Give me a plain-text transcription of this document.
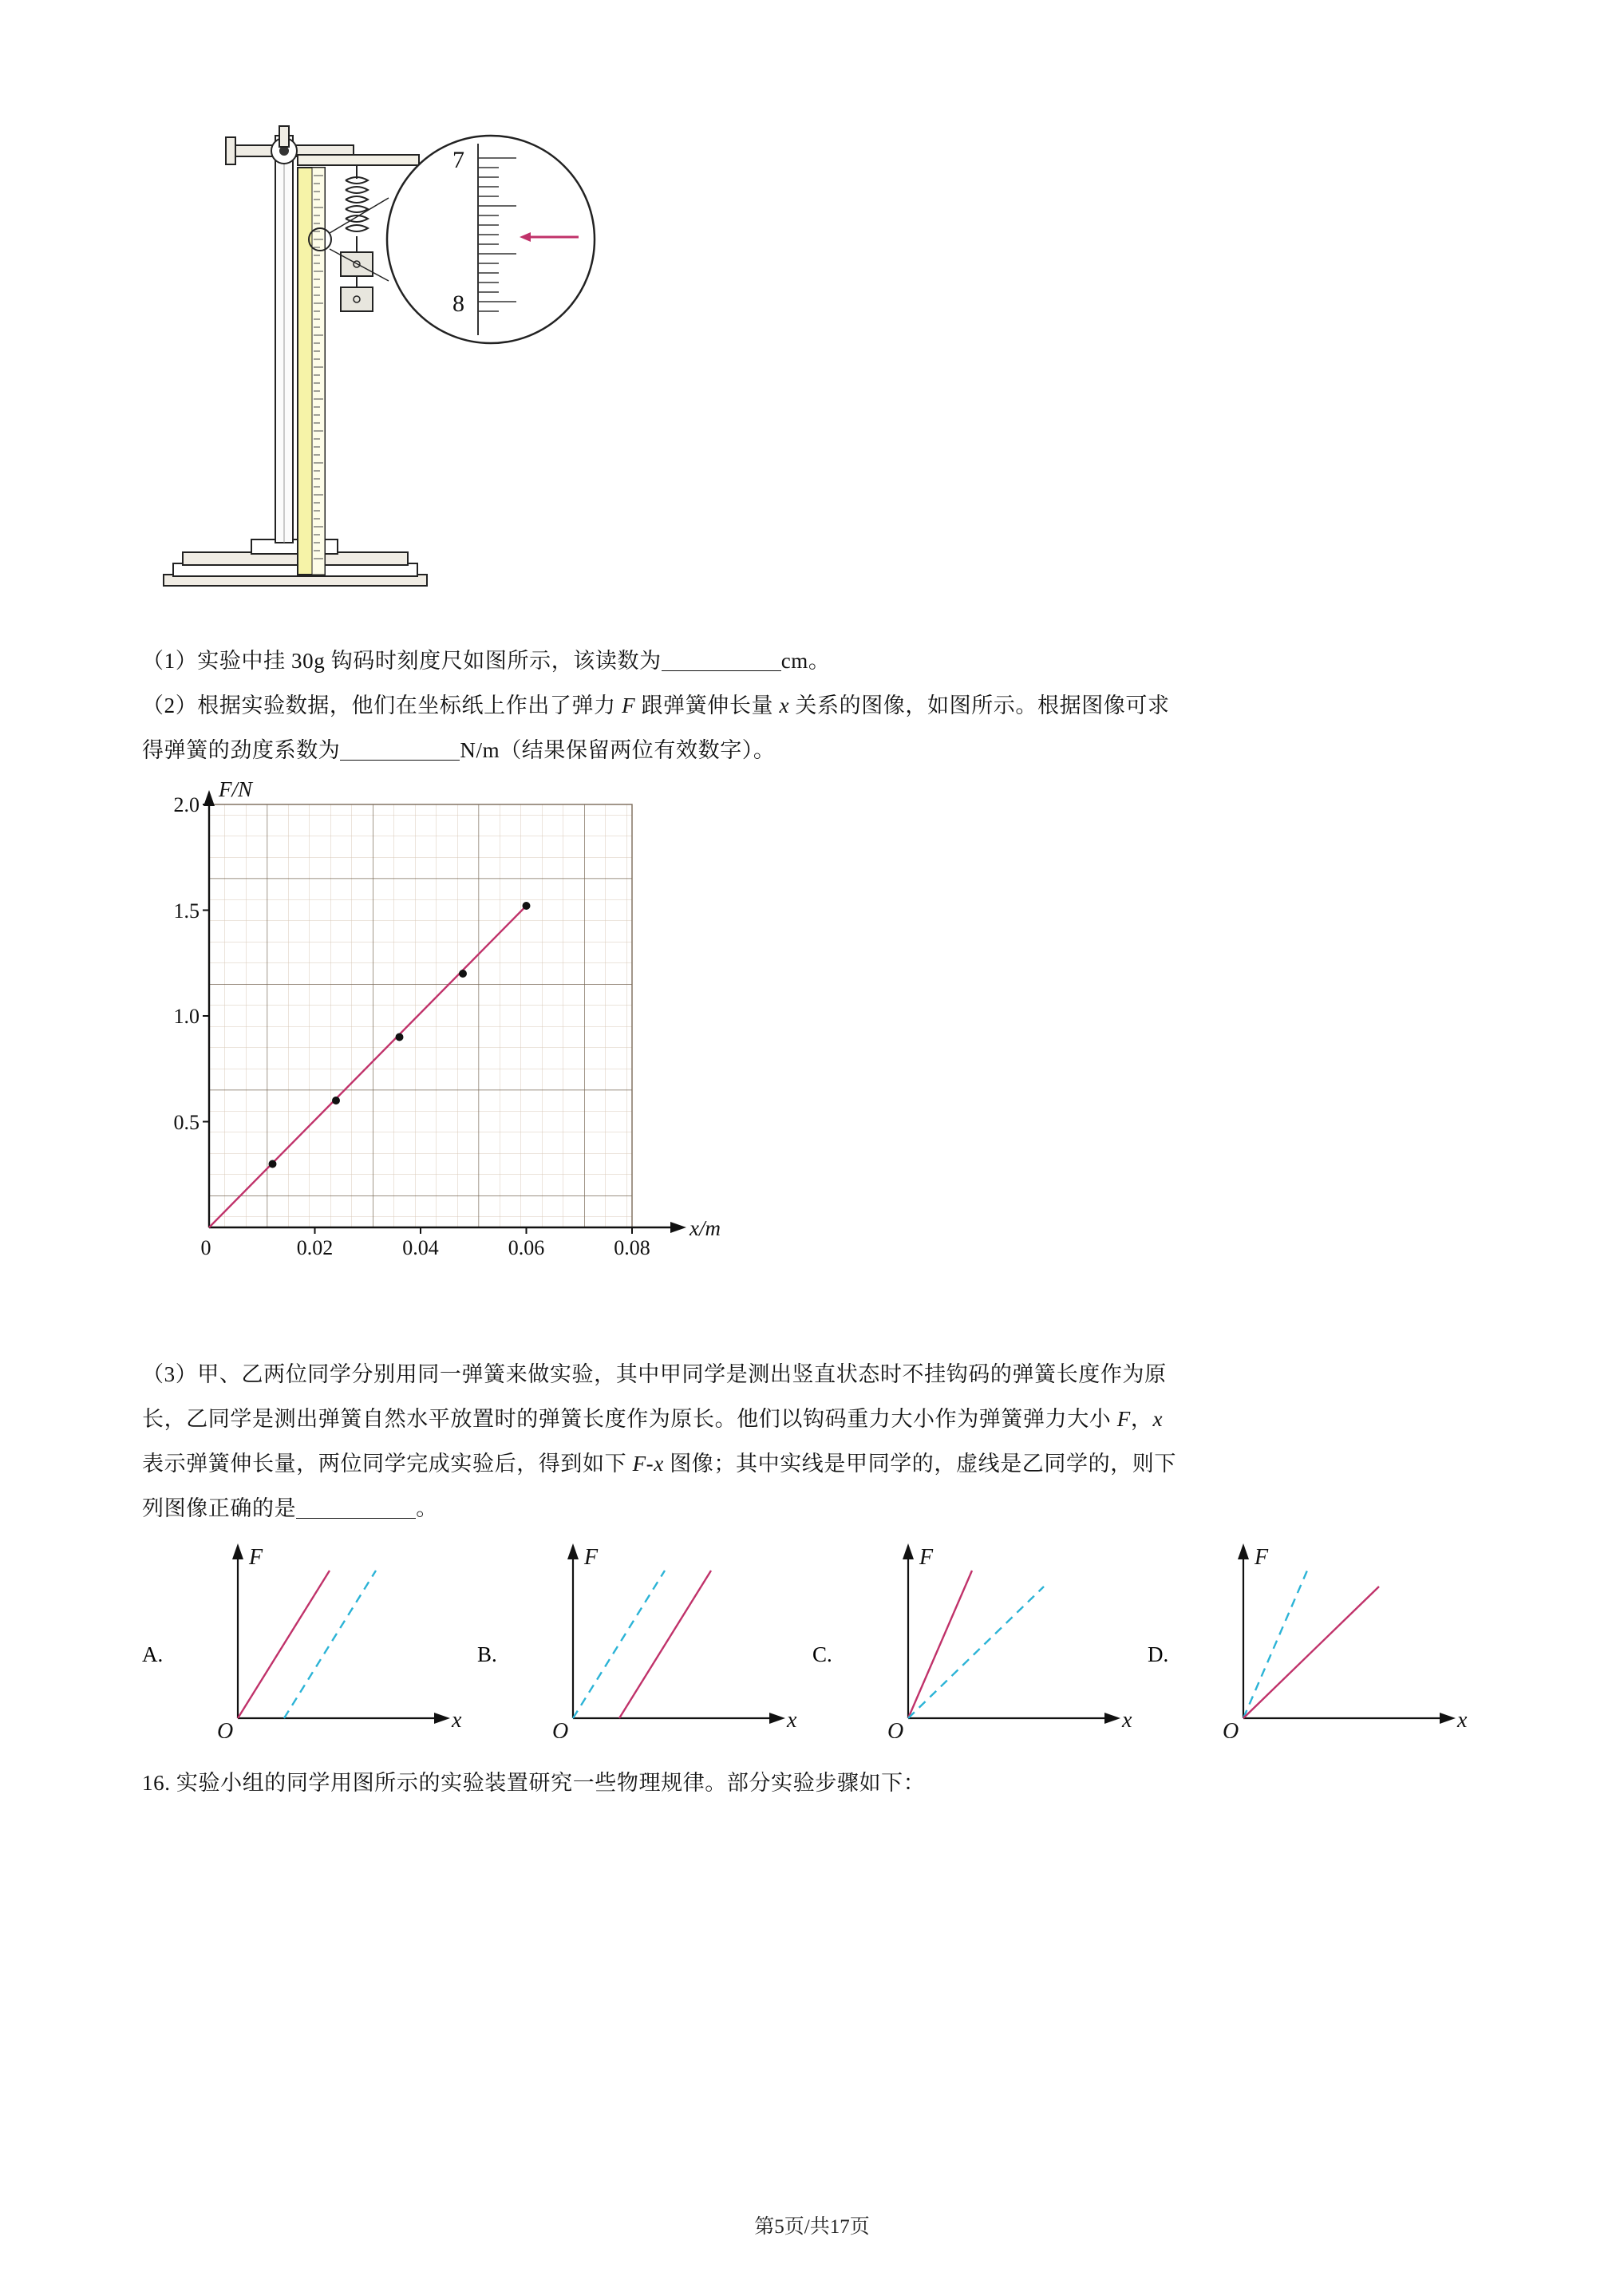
7
8
（1）实验中挂 30g 钩码时刻度尺如图所示，该读数为	cm。
（2）根据实验数据，他们在坐标纸上作出了弹力 F 跟弹簧伸长量 x 关系的图像，如图所示。根据图像可求
得弹簧的劲度系数为	N/m（结果保留两位有效数字）。
F/N
x/m
0.5
1.0
1.5
2.0
0	0.02	0.04	0.06	0.08
（3）甲、乙两位同学分别用同一弹簧来做实验，其中甲同学是测出竖直状态时不挂钩码的弹簧长度作为原
长，乙同学是测出弹簧自然水平放置时的弹簧长度作为原长。他们以钩码重力大小作为弹簧弹力大小 F，x
表示弹簧伸长量，两位同学完成实验后，得到如下 F-x 图像；其中实线是甲同学的，虚线是乙同学的，则下
列图像正确的是	。
A.
F
x
O
B.
F
x
O
C.
F
x
O
D.
F
x
O
16. 实验小组的同学用图所示的实验装置研究一些物理规律。部分实验步骤如下：
第5页/共17页
